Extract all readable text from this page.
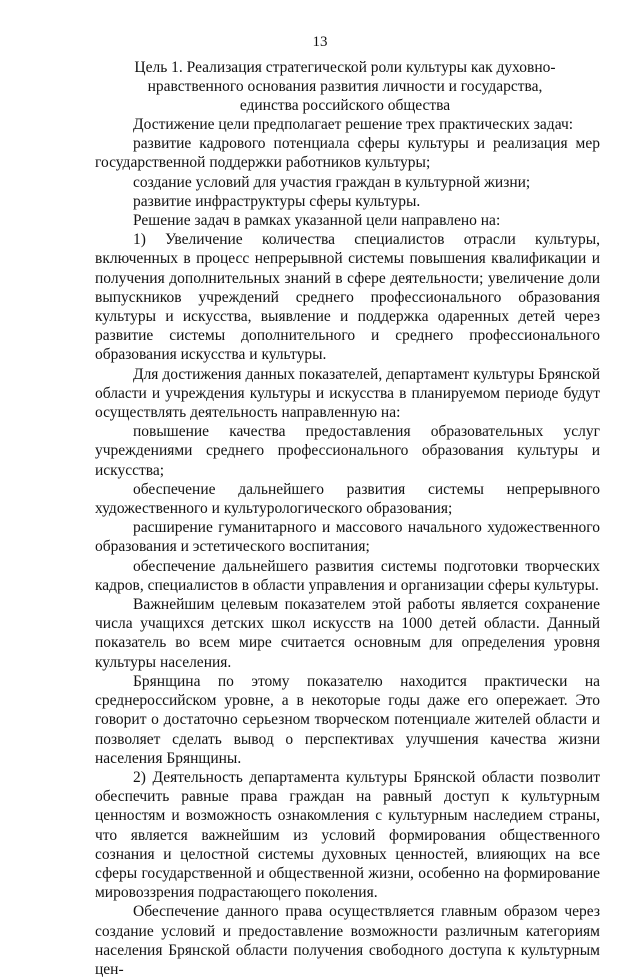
13
Цель 1. Реализация стратегической роли культуры как духовно-нравственного основания развития личности и государства, единства российского общества

Достижение цели предполагает решение трех практических задач:

развитие кадрового потенциала сферы культуры и реализация мер государственной поддержки работников культуры;

создание условий для участия граждан в культурной жизни;

развитие инфраструктуры сферы культуры.

Решение задач в рамках указанной цели направлено на:

1) Увеличение количества специалистов отрасли культуры, включенных в процесс непрерывной системы повышения квалификации и получения дополнительных знаний в сфере деятельности; увеличение доли выпускников учреждений среднего профессионального образования культуры и искусства, выявление и поддержка одаренных детей через развитие системы дополнительного и среднего профессионального образования искусства и культуры.

Для достижения данных показателей, департамент культуры Брянской области и учреждения культуры и искусства в планируемом периоде будут осуществлять деятельность направленную на:

повышение качества предоставления образовательных услуг учреждениями среднего профессионального образования культуры и искусства;

обеспечение дальнейшего развития системы непрерывного художественного и культурологического образования;

расширение гуманитарного и массового начального художественного образования и эстетического воспитания;

обеспечение дальнейшего развития системы подготовки творческих кадров, специалистов в области управления и организации сферы культуры.

Важнейшим целевым показателем этой работы является сохранение числа учащихся детских школ искусств на 1000 детей области. Данный показатель во всем мире считается основным для определения уровня культуры населения.

Брянщина по этому показателю находится практически на среднероссийском уровне, а в некоторые годы даже его опережает. Это говорит о достаточно серьезном творческом потенциале жителей области и позволяет сделать вывод о перспективах улучшения качества жизни населения Брянщины.

2) Деятельность департамента культуры Брянской области позволит обеспечить равные права граждан на равный доступ к культурным ценностям и возможность ознакомления с культурным наследием страны, что является важнейшим из условий формирования общественного сознания и целостной системы духовных ценностей, влияющих на все сферы государственной и общественной жизни, особенно на формирование мировоззрения подрастающего поколения.

Обеспечение данного права осуществляется главным образом через создание условий и предоставление возможности различным категориям населения Брянской области получения свободного доступа к культурным цен-
